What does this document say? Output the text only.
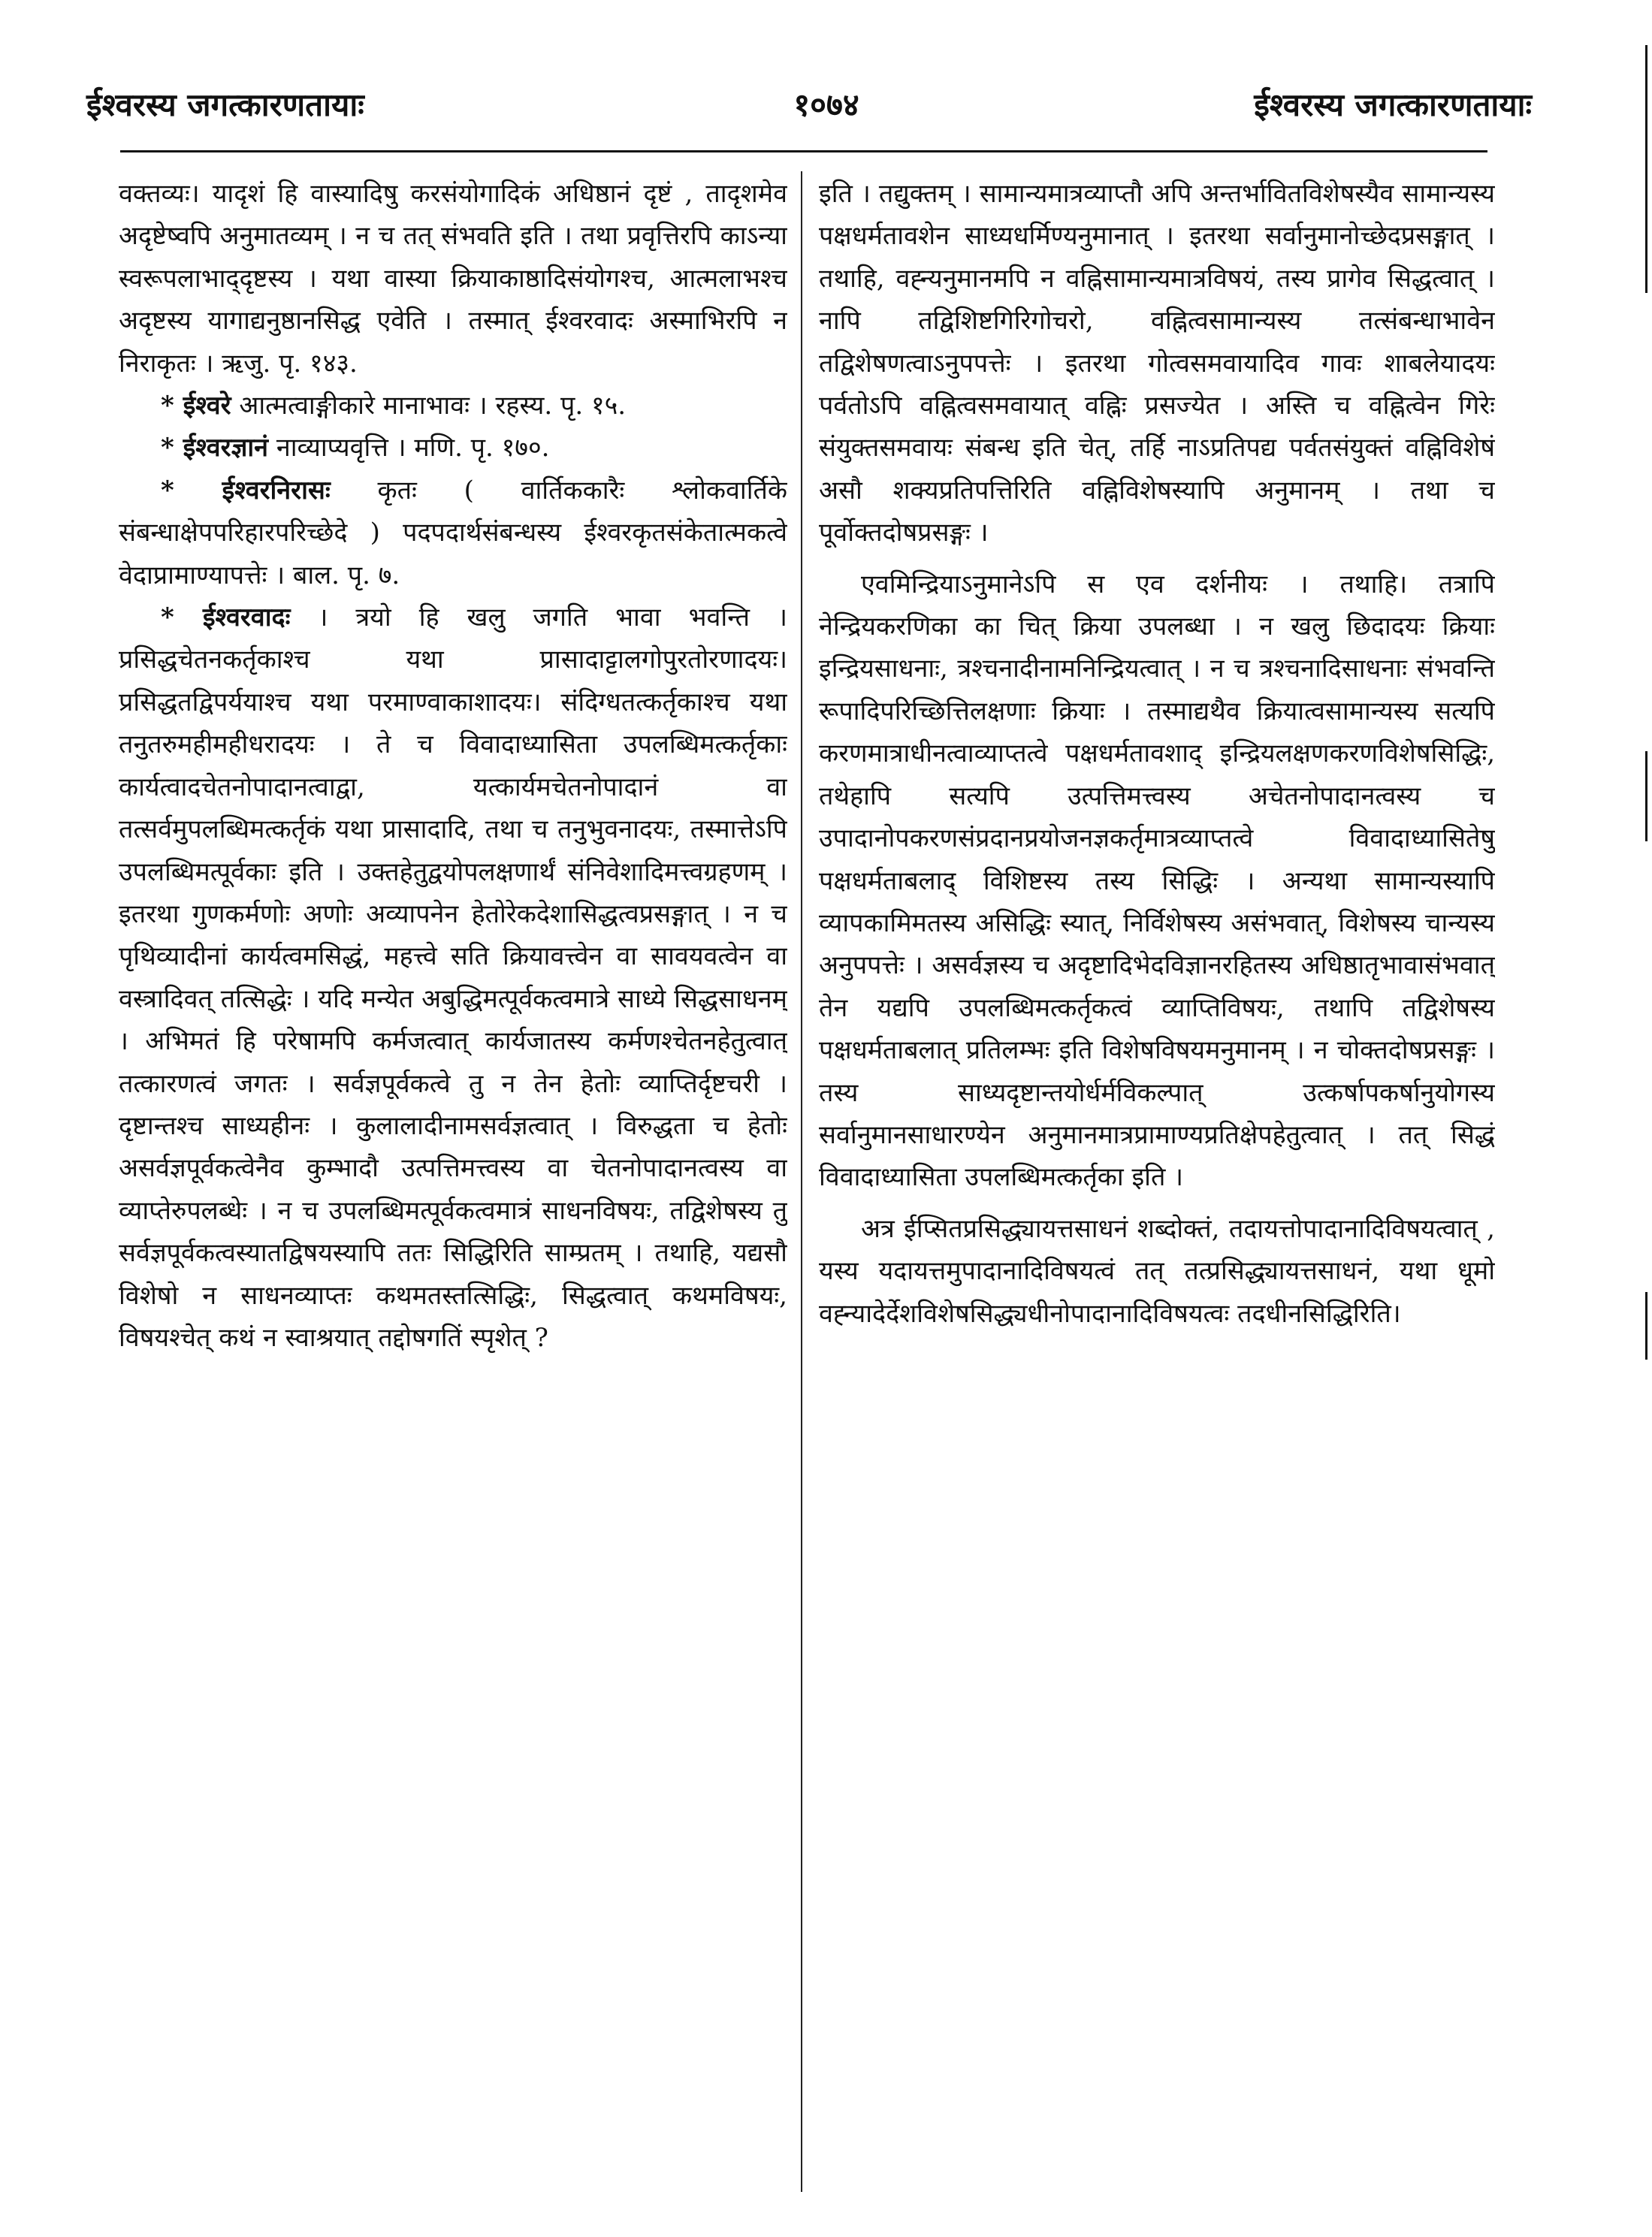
ईश्वरस्य जगत्कारणतायाः	१०७४	ईश्वरस्य जगत्कारणतायाः

वक्तव्यः। यादृशं हि वास्यादिषु करसंयोगादिकं अधिष्ठानं दृष्टं , तादृशमेव अदृष्टेष्वपि अनुमातव्यम् । न च तत् संभवति इति । तथा प्रवृत्तिरपि काऽन्या स्वरूपलाभाद्‌दृष्टस्य । यथा वास्या क्रियाकाष्ठादिसंयोगश्च, आत्मलाभश्च अदृष्टस्य यागाद्यनुष्ठानसिद्ध एवेति । तस्मात् ईश्वरवादः अस्माभिरपि न निराकृतः । ऋजु. पृ. १४३.

* ईश्वरे आत्मत्वाङ्गीकारे मानाभावः । रहस्य. पृ. १५.

* ईश्वरज्ञानं नाव्याप्यवृत्ति । मणि. पृ. १७०.

* ईश्वरनिरासः कृतः ( वार्तिककारैः श्लोकवार्तिके संबन्धाक्षेपपरिहारपरिच्छेदे ) पदपदार्थसंबन्धस्य ईश्वरकृतसंकेतात्मकत्वे वेदाप्रामाण्यापत्तेः । बाल. पृ. ७.

* ईश्वरवादः । त्रयो हि खलु जगति भावा भवन्ति । प्रसिद्धचेतनकर्तृकाश्च यथा प्रासादाट्टालगोपुरतोरणादयः। प्रसिद्धतद्विपर्ययाश्च यथा परमाण्वाकाशादयः। संदिग्धतत्कर्तृकाश्च यथा तनुतरुमहीमहीधरादयः । ते च विवादाध्यासिता उपलब्धिमत्कर्तृकाः कार्यत्वादचेतनोपादानत्वाद्वा, यत्कार्यमचेतनोपादानं वा तत्सर्वमुपलब्धिमत्कर्तृकं यथा प्रासादादि, तथा च तनुभुवनादयः, तस्मात्तेऽपि उपलब्धिमत्पूर्वकाः इति । उक्तहेतुद्वयोपलक्षणार्थं संनिवेशादिमत्त्वग्रहणम् । इतरथा गुणकर्मणोः अणोः अव्यापनेन हेतोरेकदेशासिद्धत्वप्रसङ्गात् । न च पृथिव्यादीनां कार्यत्वमसिद्धं, महत्त्वे सति क्रियावत्त्वेन वा सावयवत्वेन वा वस्त्रादिवत् तत्सिद्धेः । यदि मन्येत अबुद्धिमत्पूर्वकत्वमात्रे साध्ये सिद्धसाधनम् । अभिमतं हि परेषामपि कर्मजत्वात् कार्यजातस्य कर्मणश्चेतनहेतुत्वात् तत्कारणत्वं जगतः । सर्वज्ञपूर्वकत्वे तु न तेन हेतोः व्याप्तिर्दृष्टचरी । दृष्टान्तश्च साध्यहीनः । कुलालादीनामसर्वज्ञत्वात् । विरुद्धता च हेतोः असर्वज्ञपूर्वकत्वेनैव कुम्भादौ उत्पत्तिमत्त्वस्य वा चेतनोपादानत्वस्य वा व्याप्तेरुपलब्धेः । न च उपलब्धिमत्पूर्वकत्वमात्रं साधनविषयः, तद्विशेषस्य तु सर्वज्ञपूर्वकत्वस्यातद्विषयस्यापि ततः सिद्धिरिति साम्प्रतम् । तथाहि, यद्यसौ विशेषो न साधनव्याप्तः कथमतस्तत्सिद्धिः, सिद्धत्वात् कथमविषयः, विषयश्चेत् कथं न स्वाश्रयात् तद्दोषगतिं स्पृशेत् ?

इति । तद्युक्तम् । सामान्यमात्रव्याप्तौ अपि अन्तर्भावितविशेषस्यैव सामान्यस्य पक्षधर्मतावशेन साध्यधर्मिण्यनुमानात् । इतरथा सर्वानुमानोच्छेदप्रसङ्गात् । तथाहि, वह्न्यनुमानमपि न वह्निसामान्यमात्रविषयं, तस्य प्रागेव सिद्धत्वात् । नापि तद्विशिष्टगिरिगोचरो, वह्नित्वसामान्यस्य तत्संबन्धाभावेन तद्विशेषणत्वाऽनुपपत्तेः । इतरथा गोत्वसमवायादिव गावः शाबलेयादयः पर्वतोऽपि वह्नित्वसमवायात् वह्निः प्रसज्येत । अस्ति च वह्नित्वेन गिरेः संयुक्तसमवायः संबन्ध इति चेत्, तर्हि नाऽप्रतिपद्य पर्वतसंयुक्तं वह्निविशेषं असौ शक्यप्रतिपत्तिरिति वह्निविशेषस्यापि अनुमानम् । तथा च पूर्वोक्तदोषप्रसङ्गः ।

एवमिन्द्रियाऽनुमानेऽपि स एव दर्शनीयः । तथाहि। तत्रापि नेन्द्रियकरणिका का चित् क्रिया उपलब्धा । न खलु छिदादयः क्रियाः इन्द्रियसाधनाः, त्रश्चनादीनामनिन्द्रियत्वात् । न च त्रश्चनादिसाधनाः संभवन्ति रूपादिपरिच्छित्तिलक्षणाः क्रियाः । तस्माद्यथैव क्रियात्वसामान्यस्य सत्यपि करणमात्राधीनत्वाव्याप्तत्वे पक्षधर्मतावशाद् इन्द्रियलक्षणकरणविशेषसिद्धिः, तथेहापि सत्यपि उत्पत्तिमत्त्वस्य अचेतनोपादानत्वस्य च उपादानोपकरणसंप्रदानप्रयोजनज्ञकर्तृमात्रव्याप्तत्वे विवादाध्यासितेषु पक्षधर्मताबलाद् विशिष्टस्य तस्य सिद्धिः । अन्यथा सामान्यस्यापि व्यापकामिमतस्य असिद्धिः स्यात्, निर्विशेषस्य असंभवात्, विशेषस्य चान्यस्य अनुपपत्तेः । असर्वज्ञस्य च अदृष्टादिभेदविज्ञानरहितस्य अधिष्ठातृभावासंभवात् तेन यद्यपि उपलब्धिमत्कर्तृकत्वं व्याप्तिविषयः, तथापि तद्विशेषस्य पक्षधर्मताबलात् प्रतिलम्भः इति विशेषविषयमनुमानम् । न चोक्तदोषप्रसङ्गः । तस्य साध्यदृष्टान्तयोर्धर्मविकल्पात् उत्कर्षापकर्षानुयोगस्य सर्वानुमानसाधारण्येन अनुमानमात्रप्रामाण्यप्रतिक्षेपहेतुत्वात् । तत् सिद्धं विवादाध्यासिता उपलब्धिमत्कर्तृका इति ।

अत्र ईप्सितप्रसिद्ध्यायत्तसाधनं शब्दोक्तं, तदायत्तोपादानादिविषयत्वात् , यस्य यदायत्तमुपादानादिविषयत्वं तत् तत्प्रसिद्ध्यायत्तसाधनं, यथा धूमो वह्न्यादेर्देशविशेषसिद्ध्यधीनोपादानादिविषयत्वः तदधीनसिद्धिरिति।
